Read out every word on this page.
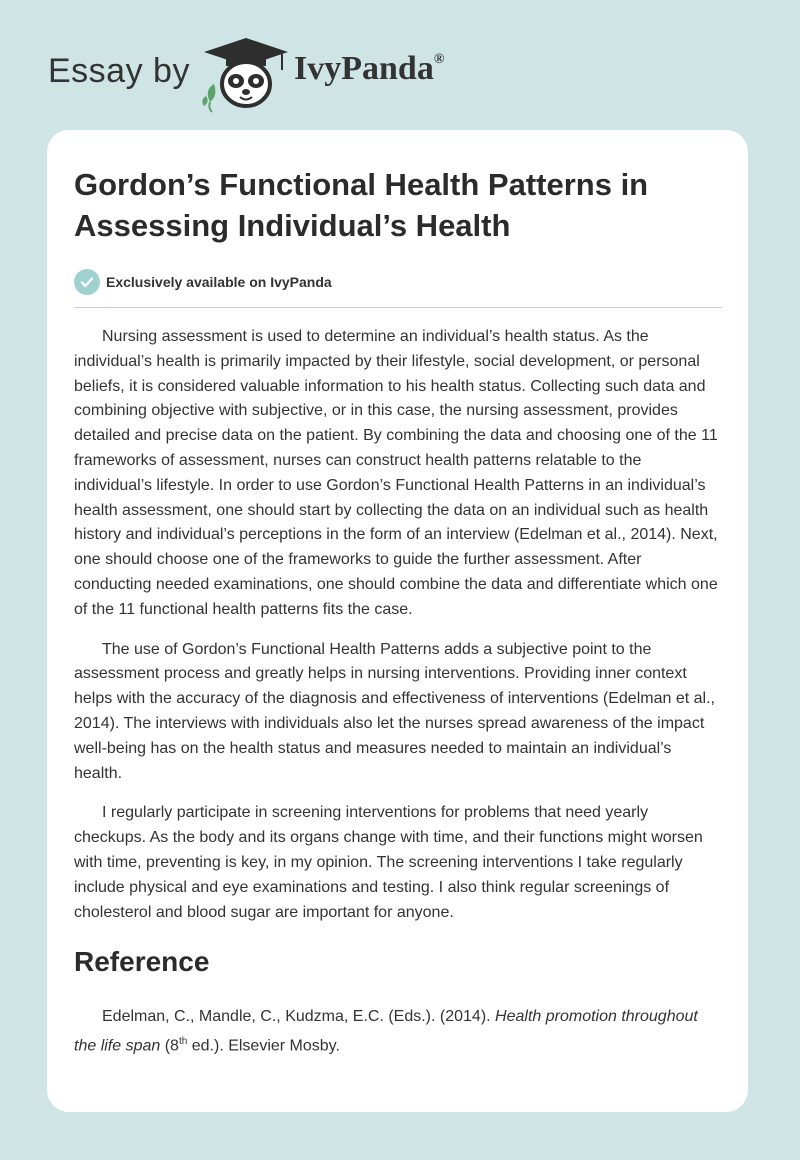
Essay by	IvyPanda®
Gordon’s Functional Health Patterns in Assessing Individual’s Health
Exclusively available on IvyPanda

Nursing assessment is used to determine an individual’s health status. As the individual’s health is primarily impacted by their lifestyle, social development, or personal beliefs, it is considered valuable information to his health status. Collecting such data and combining objective with subjective, or in this case, the nursing assessment, provides detailed and precise data on the patient. By combining the data and choosing one of the 11 frameworks of assessment, nurses can construct health patterns relatable to the individual’s lifestyle. In order to use Gordon’s Functional Health Patterns in an individual’s health assessment, one should start by collecting the data on an individual such as health history and individual’s perceptions in the form of an interview (Edelman et al., 2014). Next, one should choose one of the frameworks to guide the further assessment. After conducting needed examinations, one should combine the data and differentiate which one of the 11 functional health patterns fits the case.

The use of Gordon’s Functional Health Patterns adds a subjective point to the assessment process and greatly helps in nursing interventions. Providing inner context helps with the accuracy of the diagnosis and effectiveness of interventions (Edelman et al., 2014). The interviews with individuals also let the nurses spread awareness of the impact well-being has on the health status and measures needed to maintain an individual’s health.

I regularly participate in screening interventions for problems that need yearly checkups. As the body and its organs change with time, and their functions might worsen with time, preventing is key, in my opinion. The screening interventions I take regularly include physical and eye examinations and testing. I also think regular screenings of cholesterol and blood sugar are important for anyone.

Reference

Edelman, C., Mandle, C., Kudzma, E.C. (Eds.). (2014). Health promotion throughout the life span (8th ed.). Elsevier Mosby.
